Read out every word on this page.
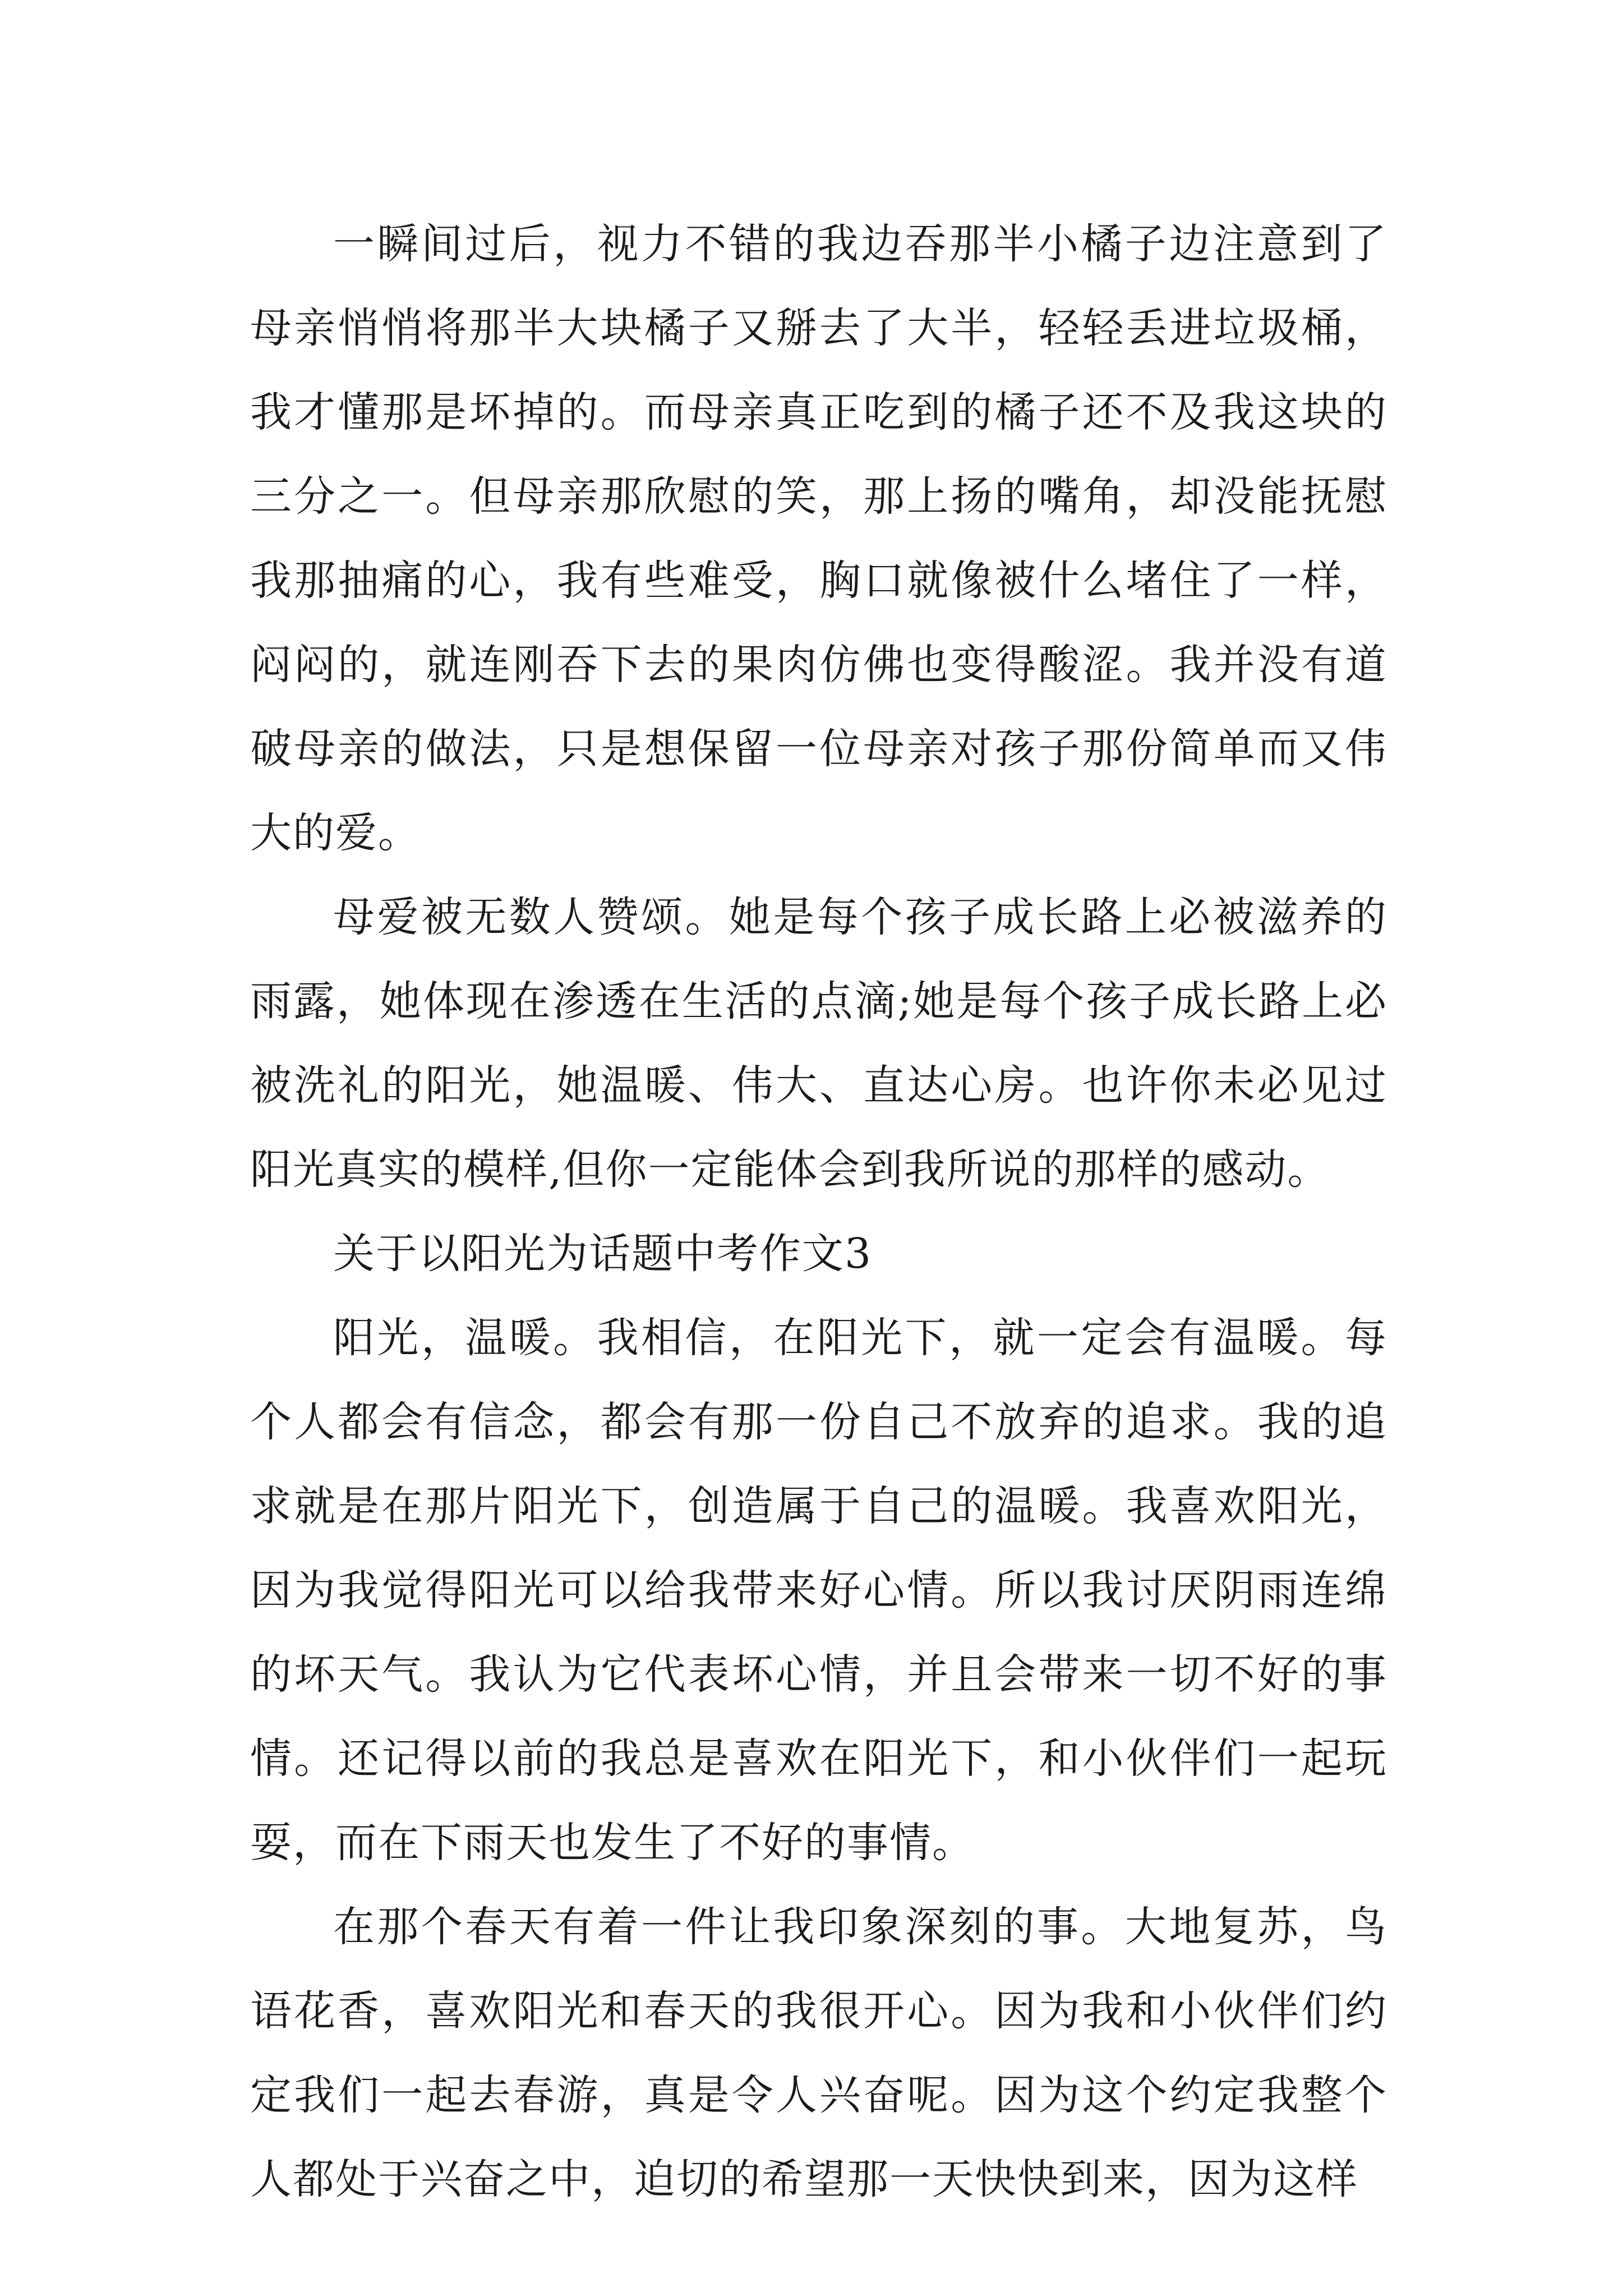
一瞬间过后，视力不错的我边吞那半小橘子边注意到了母亲悄悄将那半大块橘子又掰去了大半，轻轻丢进垃圾桶，我才懂那是坏掉的。而母亲真正吃到的橘子还不及我这块的三分之一。但母亲那欣慰的笑，那上扬的嘴角，却没能抚慰我那抽痛的心，我有些难受，胸口就像被什么堵住了一样，闷闷的，就连刚吞下去的果肉仿佛也变得酸涩。我并没有道破母亲的做法，只是想保留一位母亲对孩子那份简单而又伟大的爱。

母爱被无数人赞颂。她是每个孩子成长路上必被滋养的雨露，她体现在渗透在生活的点滴;她是每个孩子成长路上必被洗礼的阳光，她温暖、伟大、直达心房。也许你未必见过阳光真实的模样,但你一定能体会到我所说的那样的感动。

关于以阳光为话题中考作文3

阳光，温暖。我相信，在阳光下，就一定会有温暖。每个人都会有信念，都会有那一份自己不放弃的追求。我的追求就是在那片阳光下，创造属于自己的温暖。我喜欢阳光，因为我觉得阳光可以给我带来好心情。所以我讨厌阴雨连绵的坏天气。我认为它代表坏心情，并且会带来一切不好的事情。还记得以前的我总是喜欢在阳光下，和小伙伴们一起玩耍，而在下雨天也发生了不好的事情。

在那个春天有着一件让我印象深刻的事。大地复苏，鸟语花香，喜欢阳光和春天的我很开心。因为我和小伙伴们约定我们一起去春游，真是令人兴奋呢。因为这个约定我整个人都处于兴奋之中，迫切的希望那一天快快到来，因为这样
